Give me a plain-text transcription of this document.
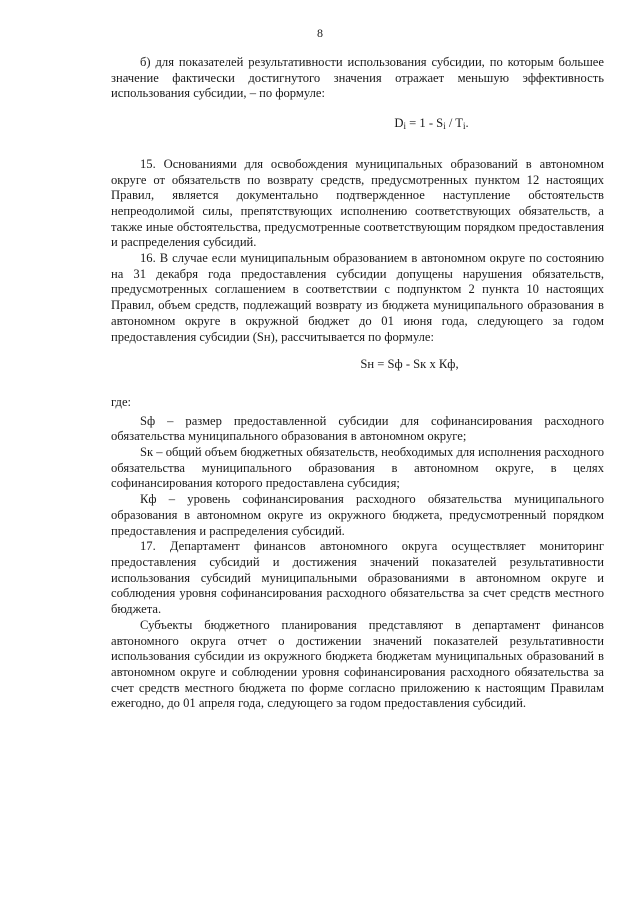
8

б) для показателей результативности использования субсидии, по которым большее значение фактически достигнутого значения отражает меньшую эффективность использования субсидии, – по формуле:

$D_i = 1 - S_i / T_i$.

15. Основаниями для освобождения муниципальных образований в автономном округе от обязательств по возврату средств, предусмотренных пунктом 12 настоящих Правил, является документально подтвержденное наступление обстоятельств непреодолимой силы, препятствующих исполнению соответствующих обязательств, а также иные обстоятельства, предусмотренные соответствующим порядком предоставления и распределения субсидий.

16. В случае если муниципальным образованием в автономном округе по состоянию на 31 декабря года предоставления субсидии допущены нарушения обязательств, предусмотренных соглашением в соответствии с подпунктом 2 пункта 10 настоящих Правил, объем средств, подлежащий возврату из бюджета муниципального образования в автономном округе в окружной бюджет до 01 июня года, следующего за годом предоставления субсидии (Sн), рассчитывается по формуле:

Sн = Sф - Sк x Кф,

где:

Sф – размер предоставленной субсидии для софинансирования расходного обязательства муниципального образования в автономном округе;

Sк – общий объем бюджетных обязательств, необходимых для исполнения расходного обязательства муниципального образования в автономном округе, в целях софинансирования которого предоставлена субсидия;

Кф – уровень софинансирования расходного обязательства муниципального образования в автономном округе из окружного бюджета, предусмотренный порядком предоставления и распределения субсидий.

17. Департамент финансов автономного округа осуществляет мониторинг предоставления субсидий и достижения значений показателей результативности использования субсидий муниципальными образованиями в автономном округе и соблюдения уровня софинансирования расходного обязательства за счет средств местного бюджета.

Субъекты бюджетного планирования представляют в департамент финансов автономного округа отчет о достижении значений показателей результативности использования субсидии из окружного бюджета бюджетам муниципальных образований в автономном округе и соблюдении уровня софинансирования расходного обязательства за счет средств местного бюджета по форме согласно приложению к настоящим Правилам ежегодно, до 01 апреля года, следующего за годом предоставления субсидий.
